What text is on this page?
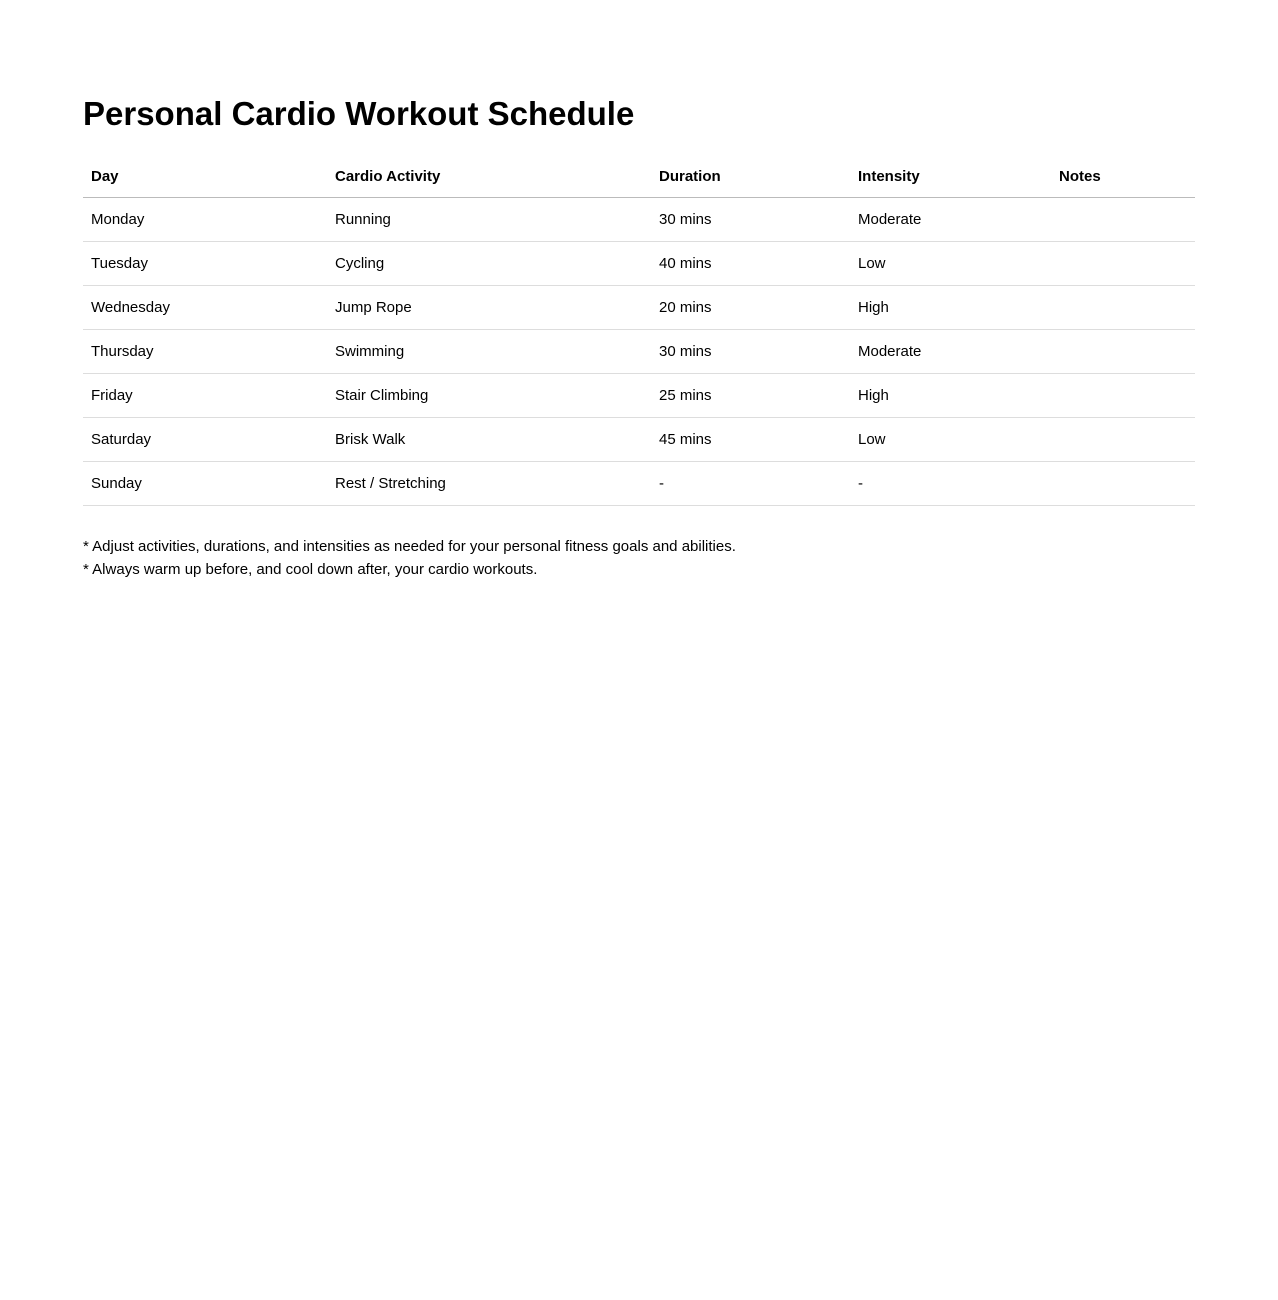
Personal Cardio Workout Schedule
Day	Cardio Activity	Duration	Intensity	Notes
Monday	Running	30 mins	Moderate	
Tuesday	Cycling	40 mins	Low	
Wednesday	Jump Rope	20 mins	High	
Thursday	Swimming	30 mins	Moderate	
Friday	Stair Climbing	25 mins	High	
Saturday	Brisk Walk	45 mins	Low	
Sunday	Rest / Stretching	-	-	
* Adjust activities, durations, and intensities as needed for your personal fitness goals and abilities.
* Always warm up before, and cool down after, your cardio workouts.
